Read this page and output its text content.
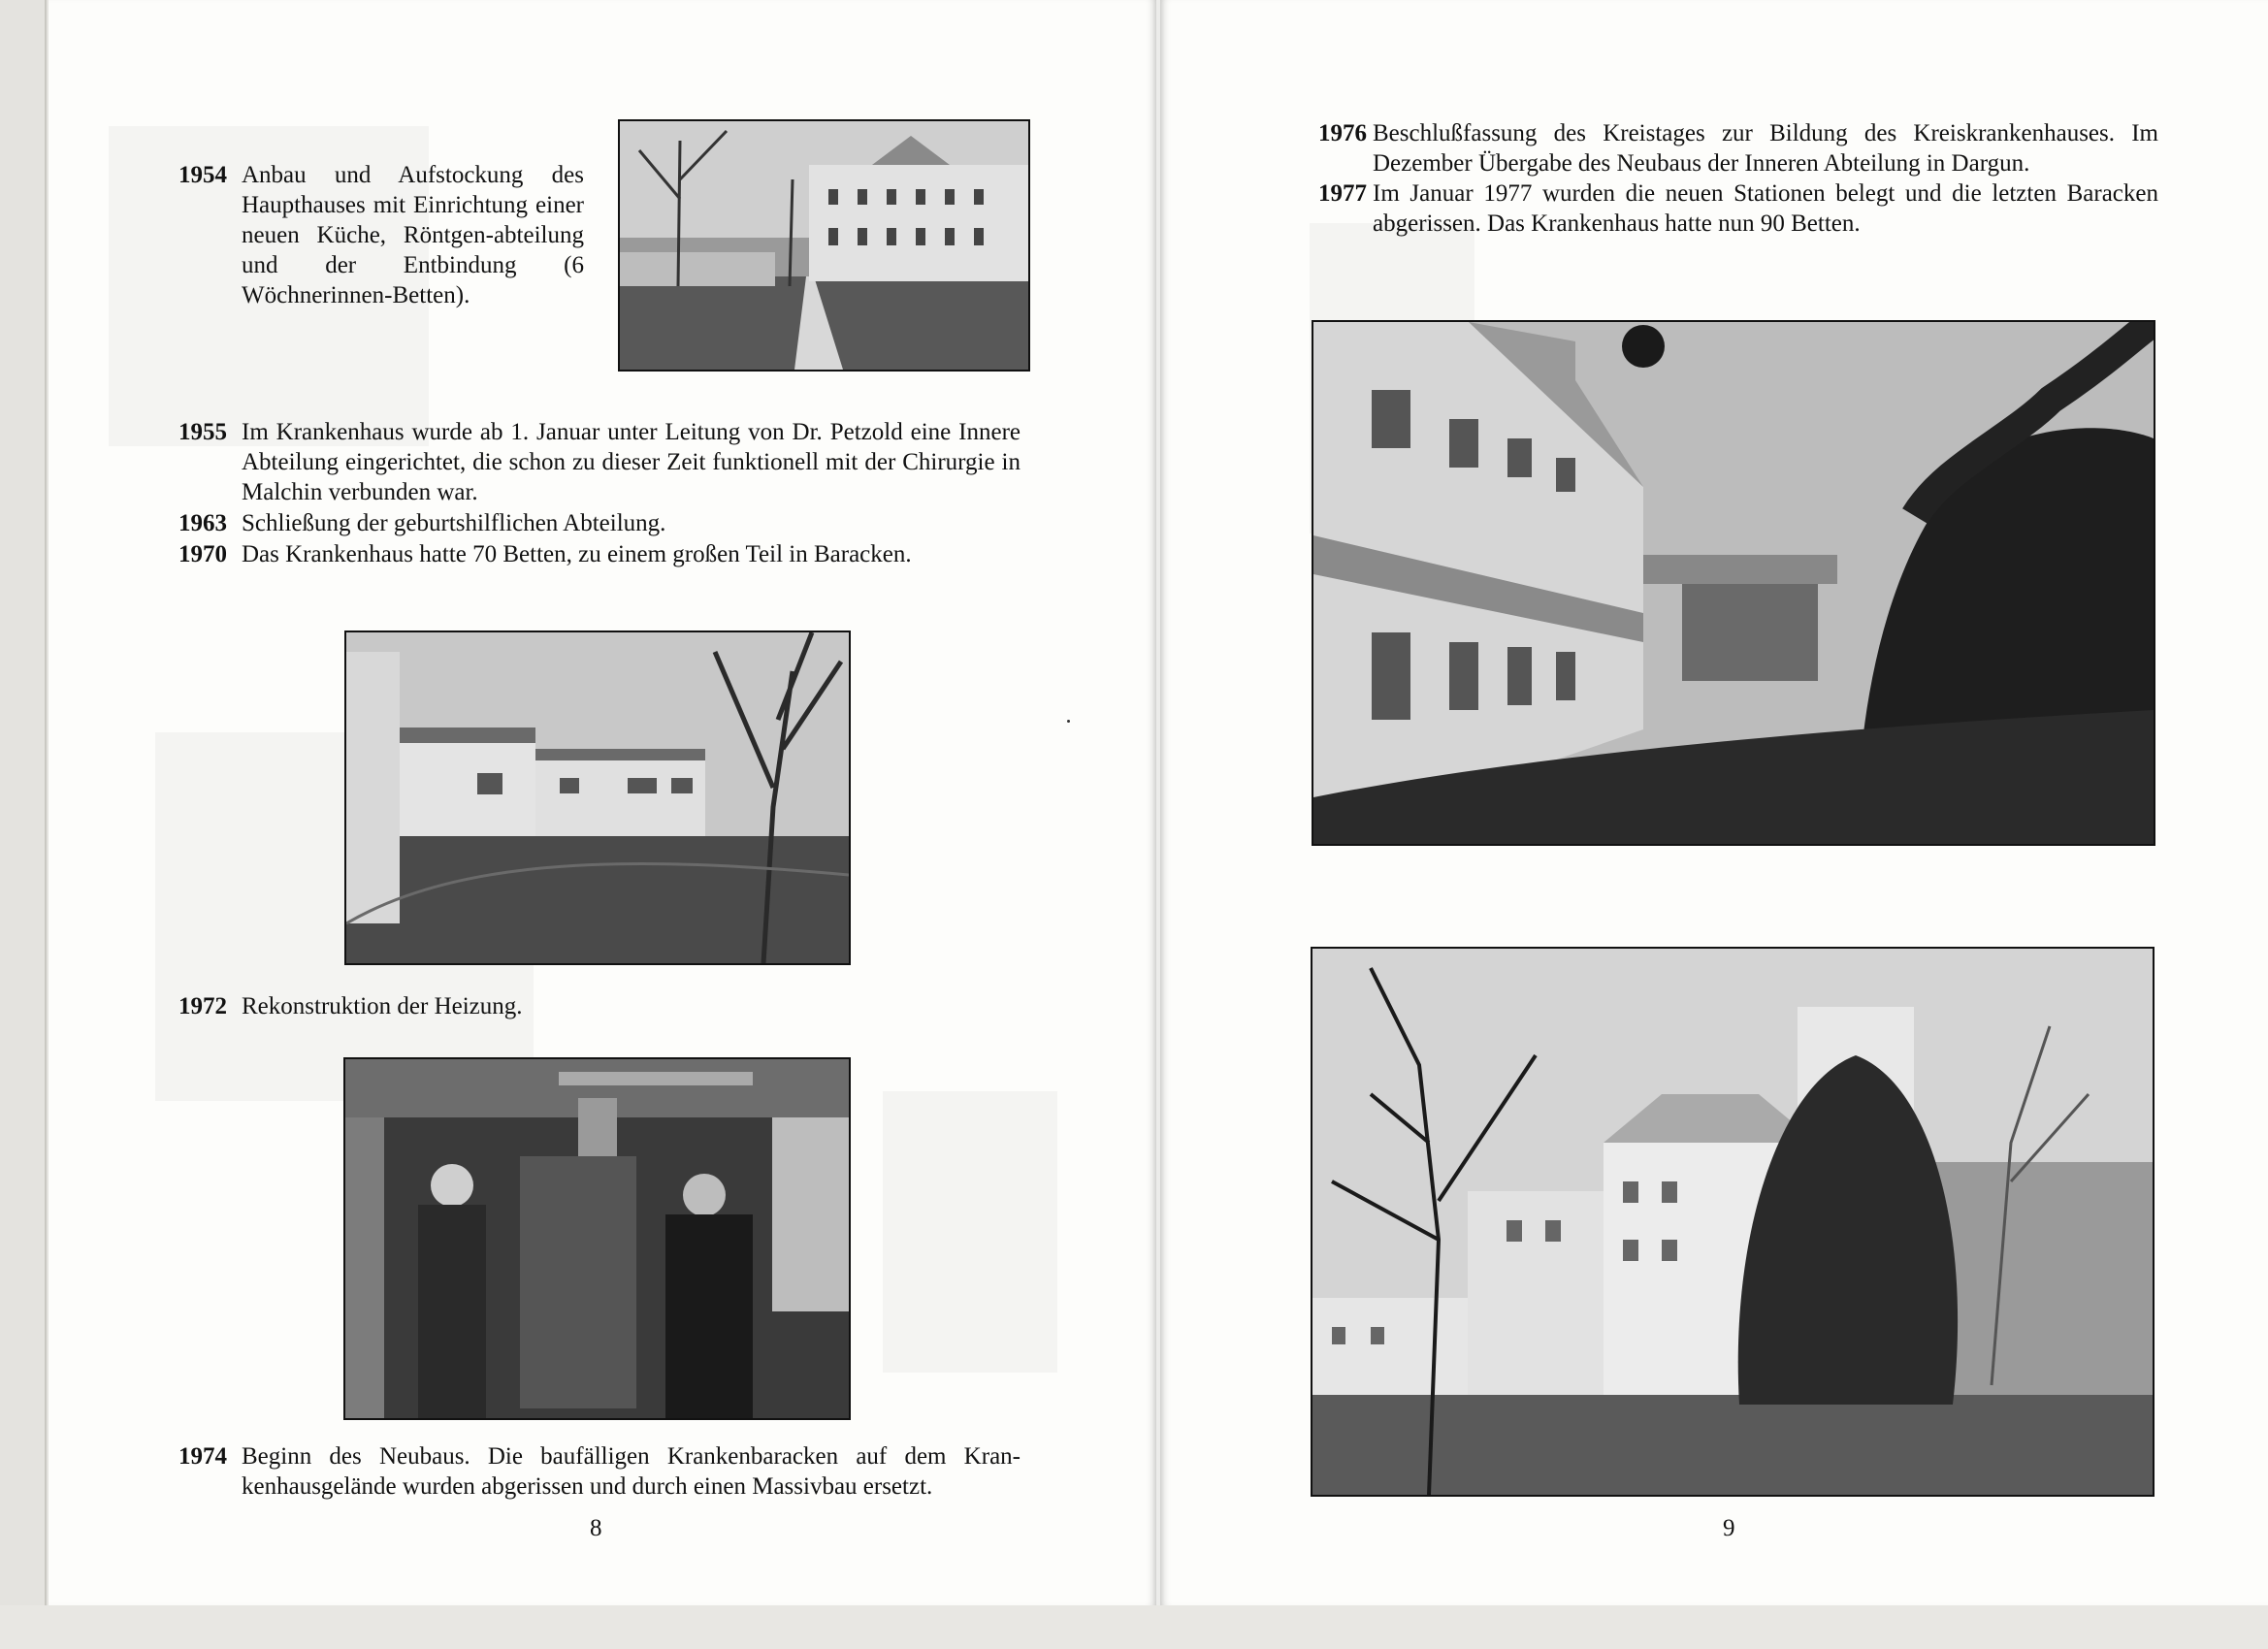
1954 Anbau und Aufstockung des Haupthauses mit Einrichtung einer neuen Küche, Röntgen-abteilung und der Entbindung (6 Wöchnerinnen-Betten).
1955 Im Krankenhaus wurde ab 1. Januar unter Leitung von Dr. Petzold eine Innere Abteilung eingerichtet, die schon zu dieser Zeit funktionell mit der Chirurgie in Malchin verbunden war.
1963 Schließung der geburtshilflichen Abteilung.
1970 Das Krankenhaus hatte 70 Betten, zu einem großen Teil in Baracken.
1972 Rekonstruktion der Heizung.
1974 Beginn des Neubaus. Die baufälligen Krankenbaracken auf dem Kran-kenhausgelände wurden abgerissen und durch einen Massivbau ersetzt.
8
1976 Beschlußfassung des Kreistages zur Bildung des Kreiskrankenhauses. Im Dezember Übergabe des Neubaus der Inneren Abteilung in Dargun.
1977 Im Januar 1977 wurden die neuen Stationen belegt und die letzten Baracken abgerissen. Das Krankenhaus hatte nun 90 Betten.
9
